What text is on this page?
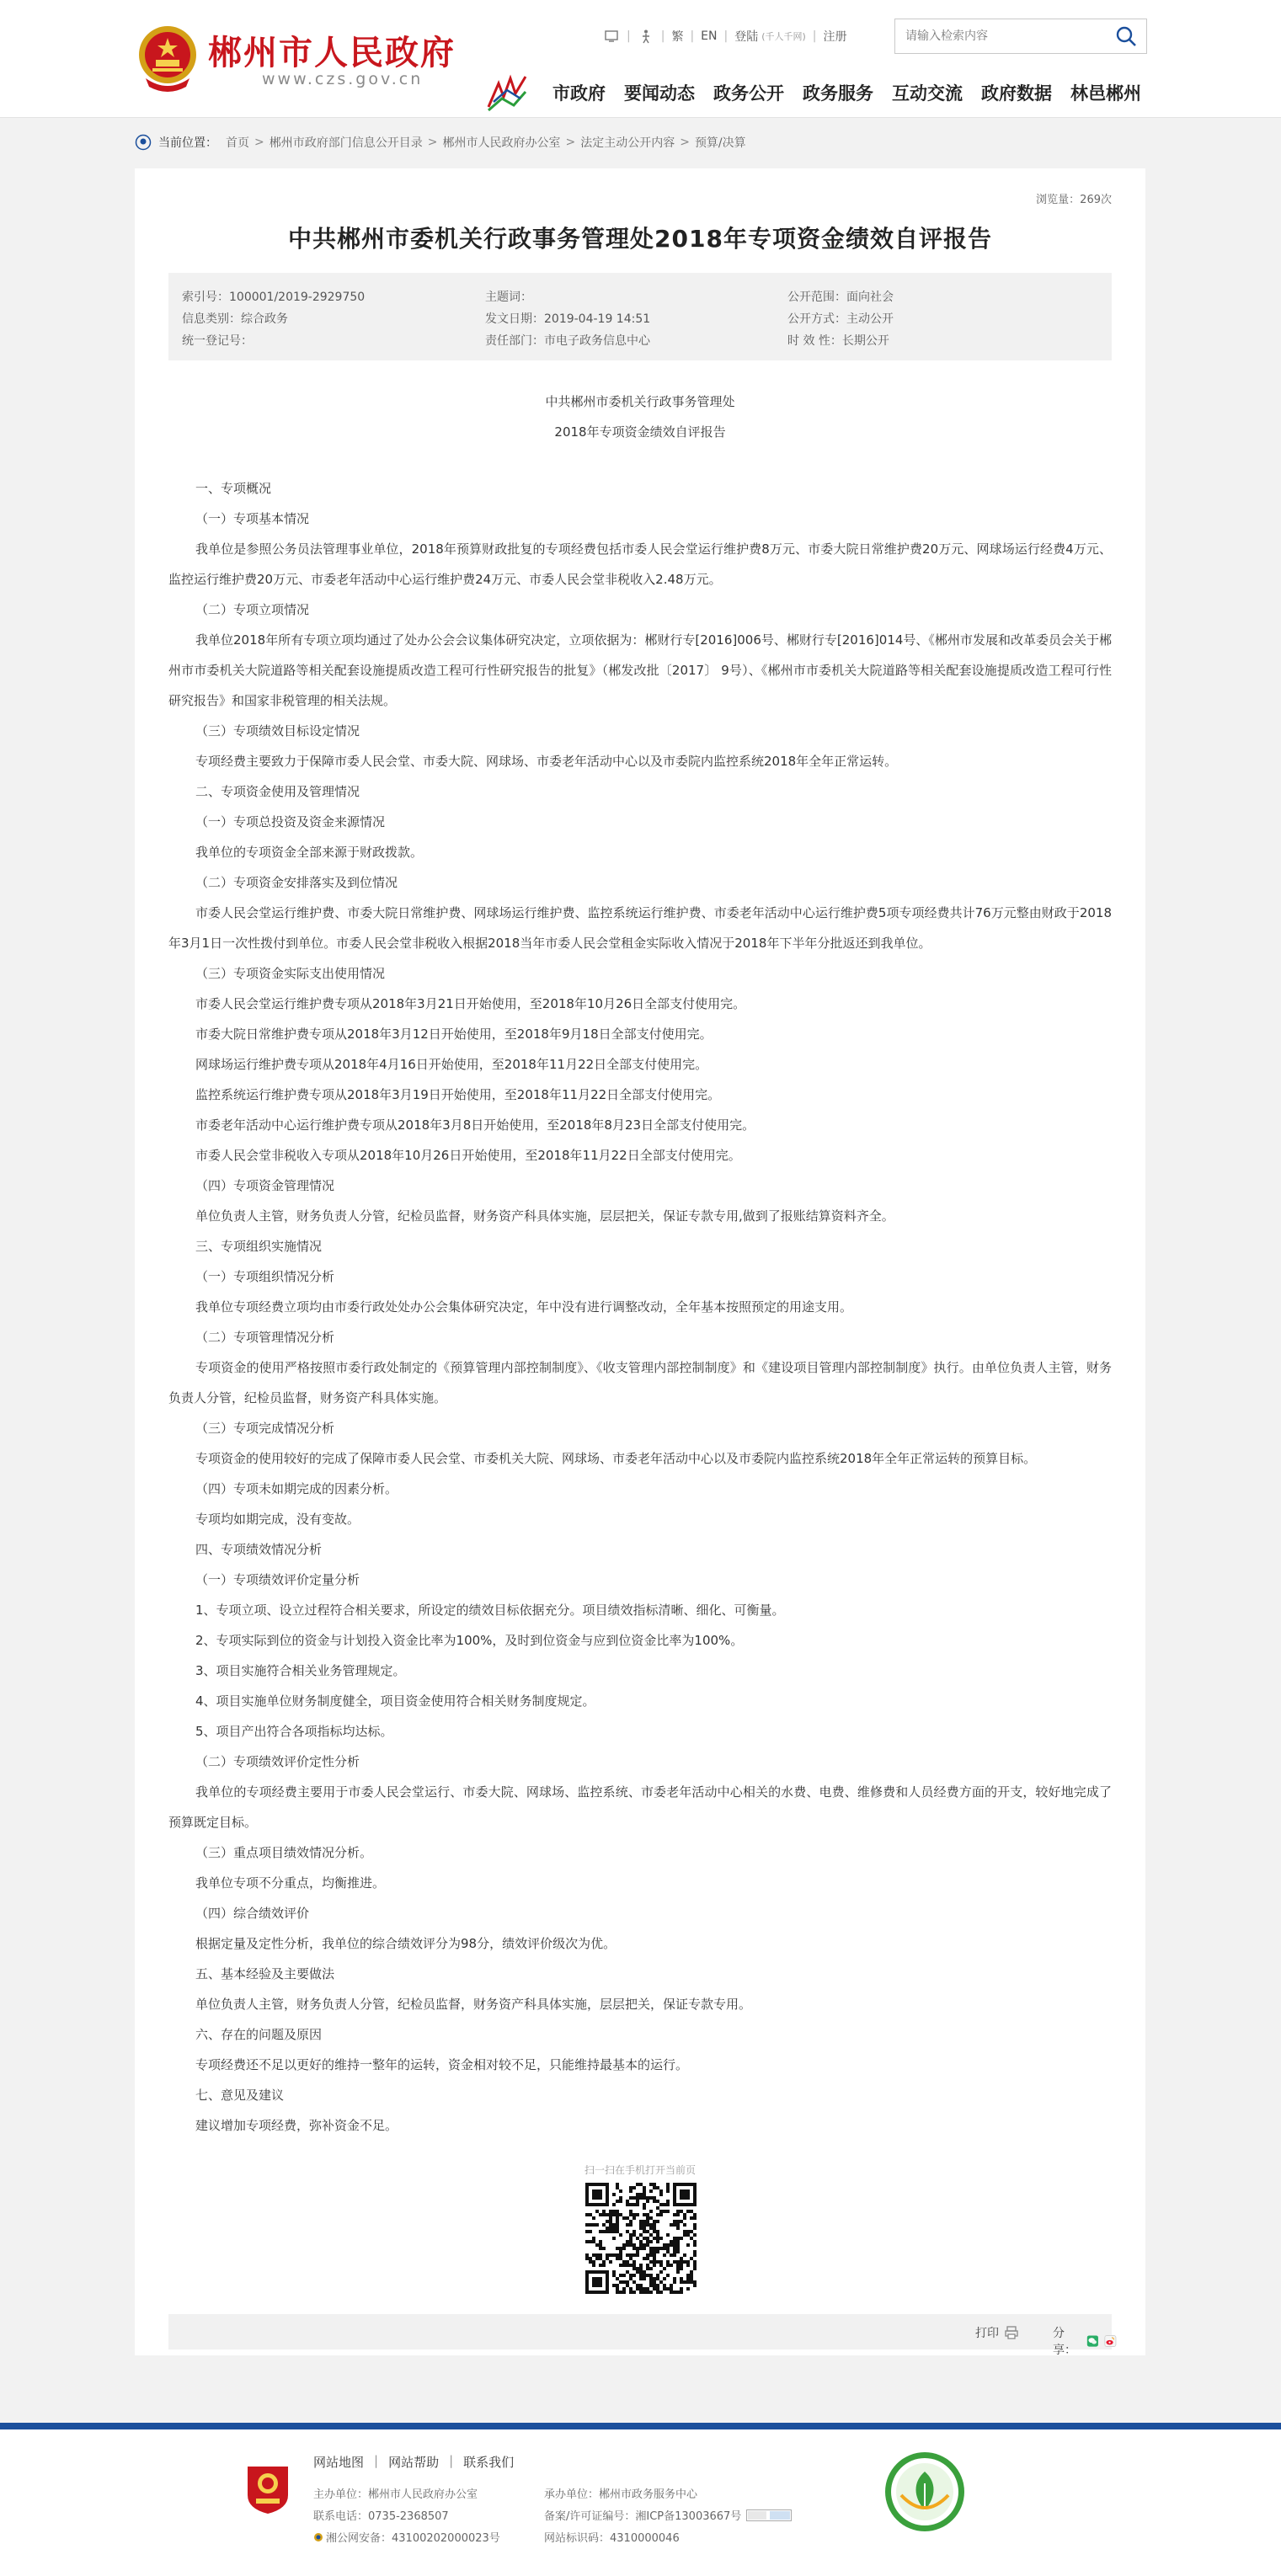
郴州市人民政府
www.czs.gov.cn
|	| 繁 | EN | 登陆 (千人千网) | 注册
请输入检索内容
市政府 要闻动态 政务公开 政务服务 互动交流 政府数据 林邑郴州
当前位置： 首页 > 郴州市政府部门信息公开目录 > 郴州市人民政府办公室 > 法定主动公开内容 > 预算/决算
浏览量：269次
中共郴州市委机关行政事务管理处2018年专项资金绩效自评报告
索引号：100001/2019-2929750	主题词：	公开范围：面向社会
信息类别：综合政务	发文日期：2019-04-19 14:51	公开方式：主动公开
统一登记号：	责任部门：市电子政务信息中心	时 效 性：长期公开
中共郴州市委机关行政事务管理处
2018年专项资金绩效自评报告

一、专项概况

（一）专项基本情况

我单位是参照公务员法管理事业单位，2018年预算财政批复的专项经费包括市委人民会堂运行维护费8万元、市委大院日常维护费20万元、网球场运行经费4万元、监控运行维护费20万元、市委老年活动中心运行维护费24万元、市委人民会堂非税收入2.48万元。

（二）专项立项情况

我单位2018年所有专项立项均通过了处办公会会议集体研究决定，立项依据为：郴财行专[2016]006号、郴财行专[2016]014号、《郴州市发展和改革委员会关于郴州市市委机关大院道路等相关配套设施提质改造工程可行性研究报告的批复》（郴发改批〔2017〕 9号）、《郴州市市委机关大院道路等相关配套设施提质改造工程可行性研究报告》和国家非税管理的相关法规。

（三）专项绩效目标设定情况

专项经费主要致力于保障市委人民会堂、市委大院、网球场、市委老年活动中心以及市委院内监控系统2018年全年正常运转。

二、专项资金使用及管理情况

（一）专项总投资及资金来源情况

我单位的专项资金全部来源于财政拨款。

（二）专项资金安排落实及到位情况

市委人民会堂运行维护费、市委大院日常维护费、网球场运行维护费、监控系统运行维护费、市委老年活动中心运行维护费5项专项经费共计76万元整由财政于2018年3月1日一次性拨付到单位。市委人民会堂非税收入根据2018当年市委人民会堂租金实际收入情况于2018年下半年分批返还到我单位。

（三）专项资金实际支出使用情况

市委人民会堂运行维护费专项从2018年3月21日开始使用，至2018年10月26日全部支付使用完。

市委大院日常维护费专项从2018年3月12日开始使用，至2018年9月18日全部支付使用完。

网球场运行维护费专项从2018年4月16日开始使用，至2018年11月22日全部支付使用完。

监控系统运行维护费专项从2018年3月19日开始使用，至2018年11月22日全部支付使用完。

市委老年活动中心运行维护费专项从2018年3月8日开始使用，至2018年8月23日全部支付使用完。

市委人民会堂非税收入专项从2018年10月26日开始使用，至2018年11月22日全部支付使用完。

（四）专项资金管理情况

单位负责人主管，财务负责人分管，纪检员监督，财务资产科具体实施，层层把关，保证专款专用,做到了报账结算资料齐全。

三、专项组织实施情况

（一）专项组织情况分析

我单位专项经费立项均由市委行政处处办公会集体研究决定，年中没有进行调整改动，全年基本按照预定的用途支用。

（二）专项管理情况分析

专项资金的使用严格按照市委行政处制定的《预算管理内部控制制度》、《收支管理内部控制制度》和《建设项目管理内部控制制度》执行。由单位负责人主管，财务负责人分管，纪检员监督，财务资产科具体实施。

（三）专项完成情况分析

专项资金的使用较好的完成了保障市委人民会堂、市委机关大院、网球场、市委老年活动中心以及市委院内监控系统2018年全年正常运转的预算目标。

（四）专项未如期完成的因素分析。

专项均如期完成，没有变故。

四、专项绩效情况分析

（一）专项绩效评价定量分析

1、专项立项、设立过程符合相关要求，所设定的绩效目标依据充分。项目绩效指标清晰、细化、可衡量。

2、专项实际到位的资金与计划投入资金比率为100%，及时到位资金与应到位资金比率为100%。

3、项目实施符合相关业务管理规定。

4、项目实施单位财务制度健全，项目资金使用符合相关财务制度规定。

5、项目产出符合各项指标均达标。

（二）专项绩效评价定性分析

我单位的专项经费主要用于市委人民会堂运行、市委大院、网球场、监控系统、市委老年活动中心相关的水费、电费、维修费和人员经费方面的开支，较好地完成了预算既定目标。

（三）重点项目绩效情况分析。

我单位专项不分重点，均衡推进。

（四）综合绩效评价

根据定量及定性分析，我单位的综合绩效评分为98分，绩效评价级次为优。

五、基本经验及主要做法

单位负责人主管，财务负责人分管，纪检员监督，财务资产科具体实施，层层把关，保证专款专用。

六、存在的问题及原因

专项经费还不足以更好的维持一整年的运转，资金相对较不足，只能维持最基本的运行。

七、意见及建议

建议增加专项经费，弥补资金不足。

扫一扫在手机打开当前页
打印	分享：
网站地图 | 网站帮助 | 联系我们
主办单位：郴州市人民政府办公室
联系电话：0735-2368507
湘公网安备：43100202000023号
承办单位：郴州市政务服务中心
备案/许可证编号：湘ICP备13003667号
网站标识码：4310000046
